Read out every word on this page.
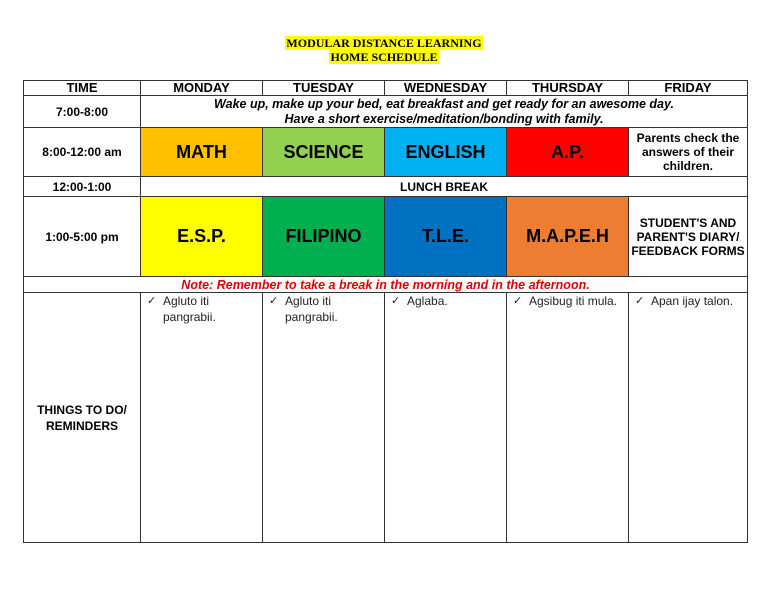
MODULAR DISTANCE LEARNING
HOME SCHEDULE
TIME	MONDAY	TUESDAY	WEDNESDAY	THURSDAY	FRIDAY
7:00-8:00	Wake up, make up your bed, eat breakfast and get ready for an awesome day.
Have a short exercise/meditation/bonding with family.				

8:00-12:00 am	MATH	SCIENCE	ENGLISH	A.P.	Parents check the answers of their children.
12:00-1:00	LUNCH BREAK				
1:00-5:00 pm	E.S.P.	FILIPINO	T.L.E.	M.A.P.E.H	STUDENT'S AND PARENT'S DIARY/ FEEDBACK FORMS
Note: Remember to take a break in the morning and in the afternoon.					
THINGS TO DO/ REMINDERS	✓ Agluto iti pangrabii.	✓ Agluto iti pangrabii.	✓ Aglaba.	✓ Agsibug iti mula.	✓ Apan ijay talon.
